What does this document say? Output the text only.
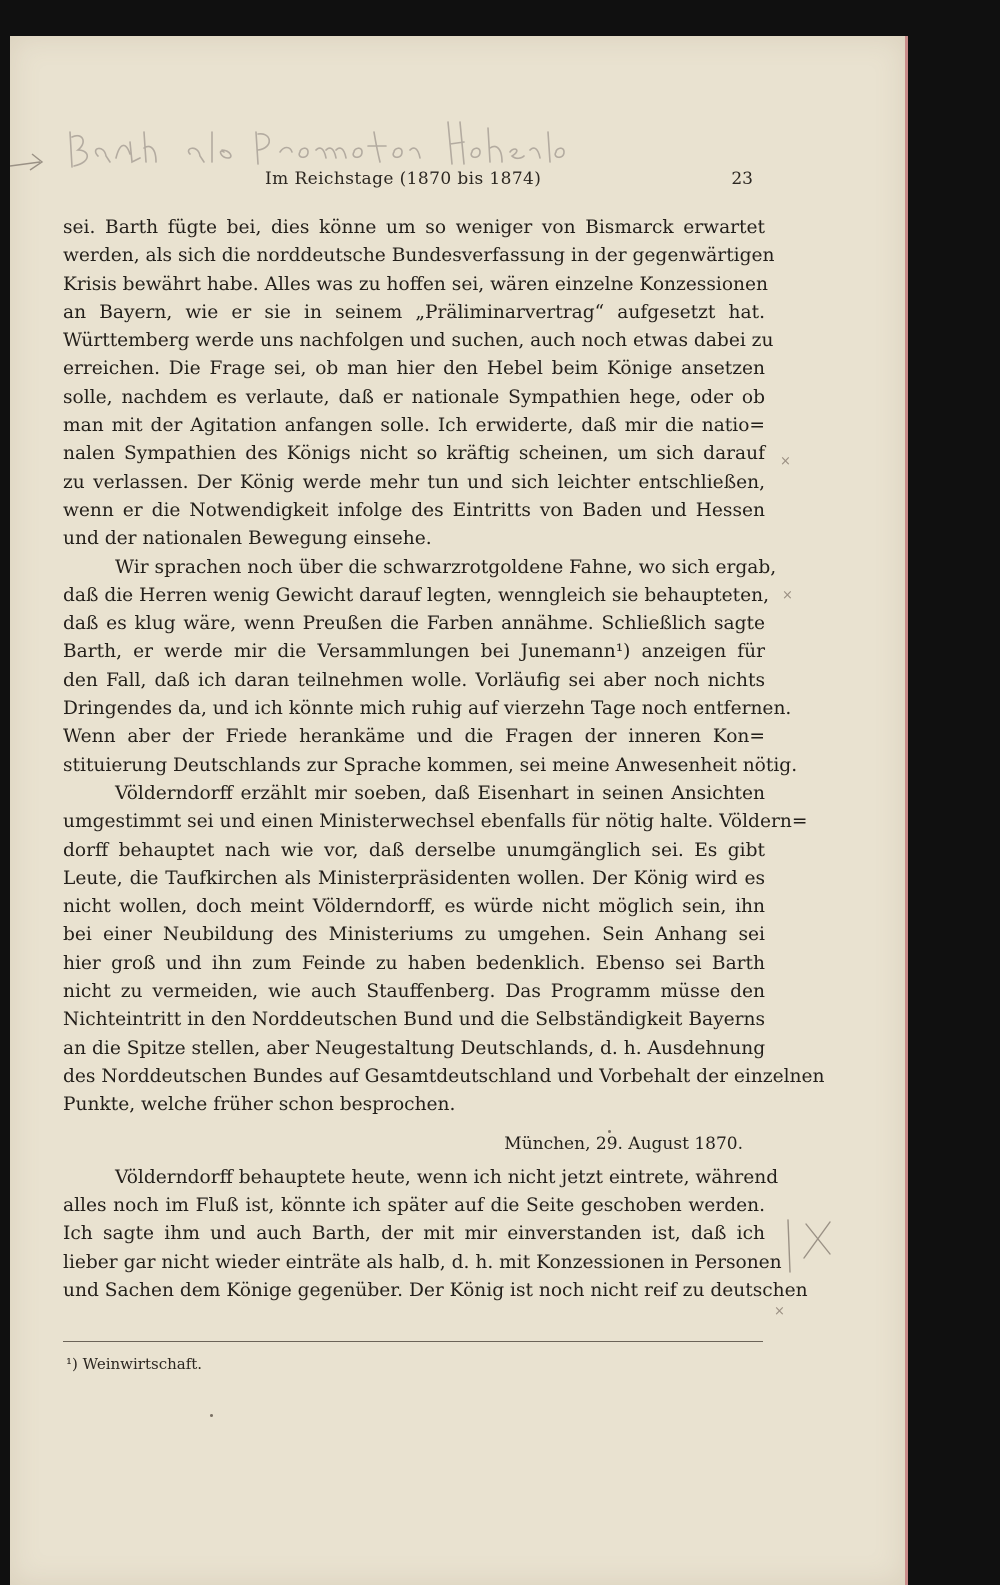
Im Reichstage (1870 bis 1874)	23
sei. Barth fügte bei, dies könne um so weniger von Bismarck erwartet
werden, als sich die norddeutsche Bundesverfassung in der gegenwärtigen
Krisis bewährt habe. Alles was zu hoffen sei, wären einzelne Konzessionen
an Bayern, wie er sie in seinem „Präliminarvertrag“ aufgesetzt hat.
Württemberg werde uns nachfolgen und suchen, auch noch etwas dabei zu
erreichen. Die Frage sei, ob man hier den Hebel beim Könige ansetzen
solle, nachdem es verlaute, daß er nationale Sympathien hege, oder ob
man mit der Agitation anfangen solle. Ich erwiderte, daß mir die natio=
nalen Sympathien des Königs nicht so kräftig scheinen, um sich darauf
zu verlassen. Der König werde mehr tun und sich leichter entschließen,
wenn er die Notwendigkeit infolge des Eintritts von Baden und Hessen
und der nationalen Bewegung einsehe.
Wir sprachen noch über die schwarzrotgoldene Fahne, wo sich ergab,
daß die Herren wenig Gewicht darauf legten, wenngleich sie behaupteten,
daß es klug wäre, wenn Preußen die Farben annähme. Schließlich sagte
Barth, er werde mir die Versammlungen bei Junemann¹) anzeigen für
den Fall, daß ich daran teilnehmen wolle. Vorläufig sei aber noch nichts
Dringendes da, und ich könnte mich ruhig auf vierzehn Tage noch entfernen.
Wenn aber der Friede herankäme und die Fragen der inneren Kon=
stituierung Deutschlands zur Sprache kommen, sei meine Anwesenheit nötig.
Völderndorff erzählt mir soeben, daß Eisenhart in seinen Ansichten
umgestimmt sei und einen Ministerwechsel ebenfalls für nötig halte. Völdern=
dorff behauptet nach wie vor, daß derselbe unumgänglich sei. Es gibt
Leute, die Taufkirchen als Ministerpräsidenten wollen. Der König wird es
nicht wollen, doch meint Völderndorff, es würde nicht möglich sein, ihn
bei einer Neubildung des Ministeriums zu umgehen. Sein Anhang sei
hier groß und ihn zum Feinde zu haben bedenklich. Ebenso sei Barth
nicht zu vermeiden, wie auch Stauffenberg. Das Programm müsse den
Nichteintritt in den Norddeutschen Bund und die Selbständigkeit Bayerns
an die Spitze stellen, aber Neugestaltung Deutschlands, d. h. Ausdehnung
des Norddeutschen Bundes auf Gesamtdeutschland und Vorbehalt der einzelnen
Punkte, welche früher schon besprochen.
München, 29. August 1870.
Völderndorff behauptete heute, wenn ich nicht jetzt eintrete, während
alles noch im Fluß ist, könnte ich später auf die Seite geschoben werden.
Ich sagte ihm und auch Barth, der mit mir einverstanden ist, daß ich
lieber gar nicht wieder einträte als halb, d. h. mit Konzessionen in Personen
und Sachen dem Könige gegenüber. Der König ist noch nicht reif zu deutschen
¹) Weinwirtschaft.
×
×
×
